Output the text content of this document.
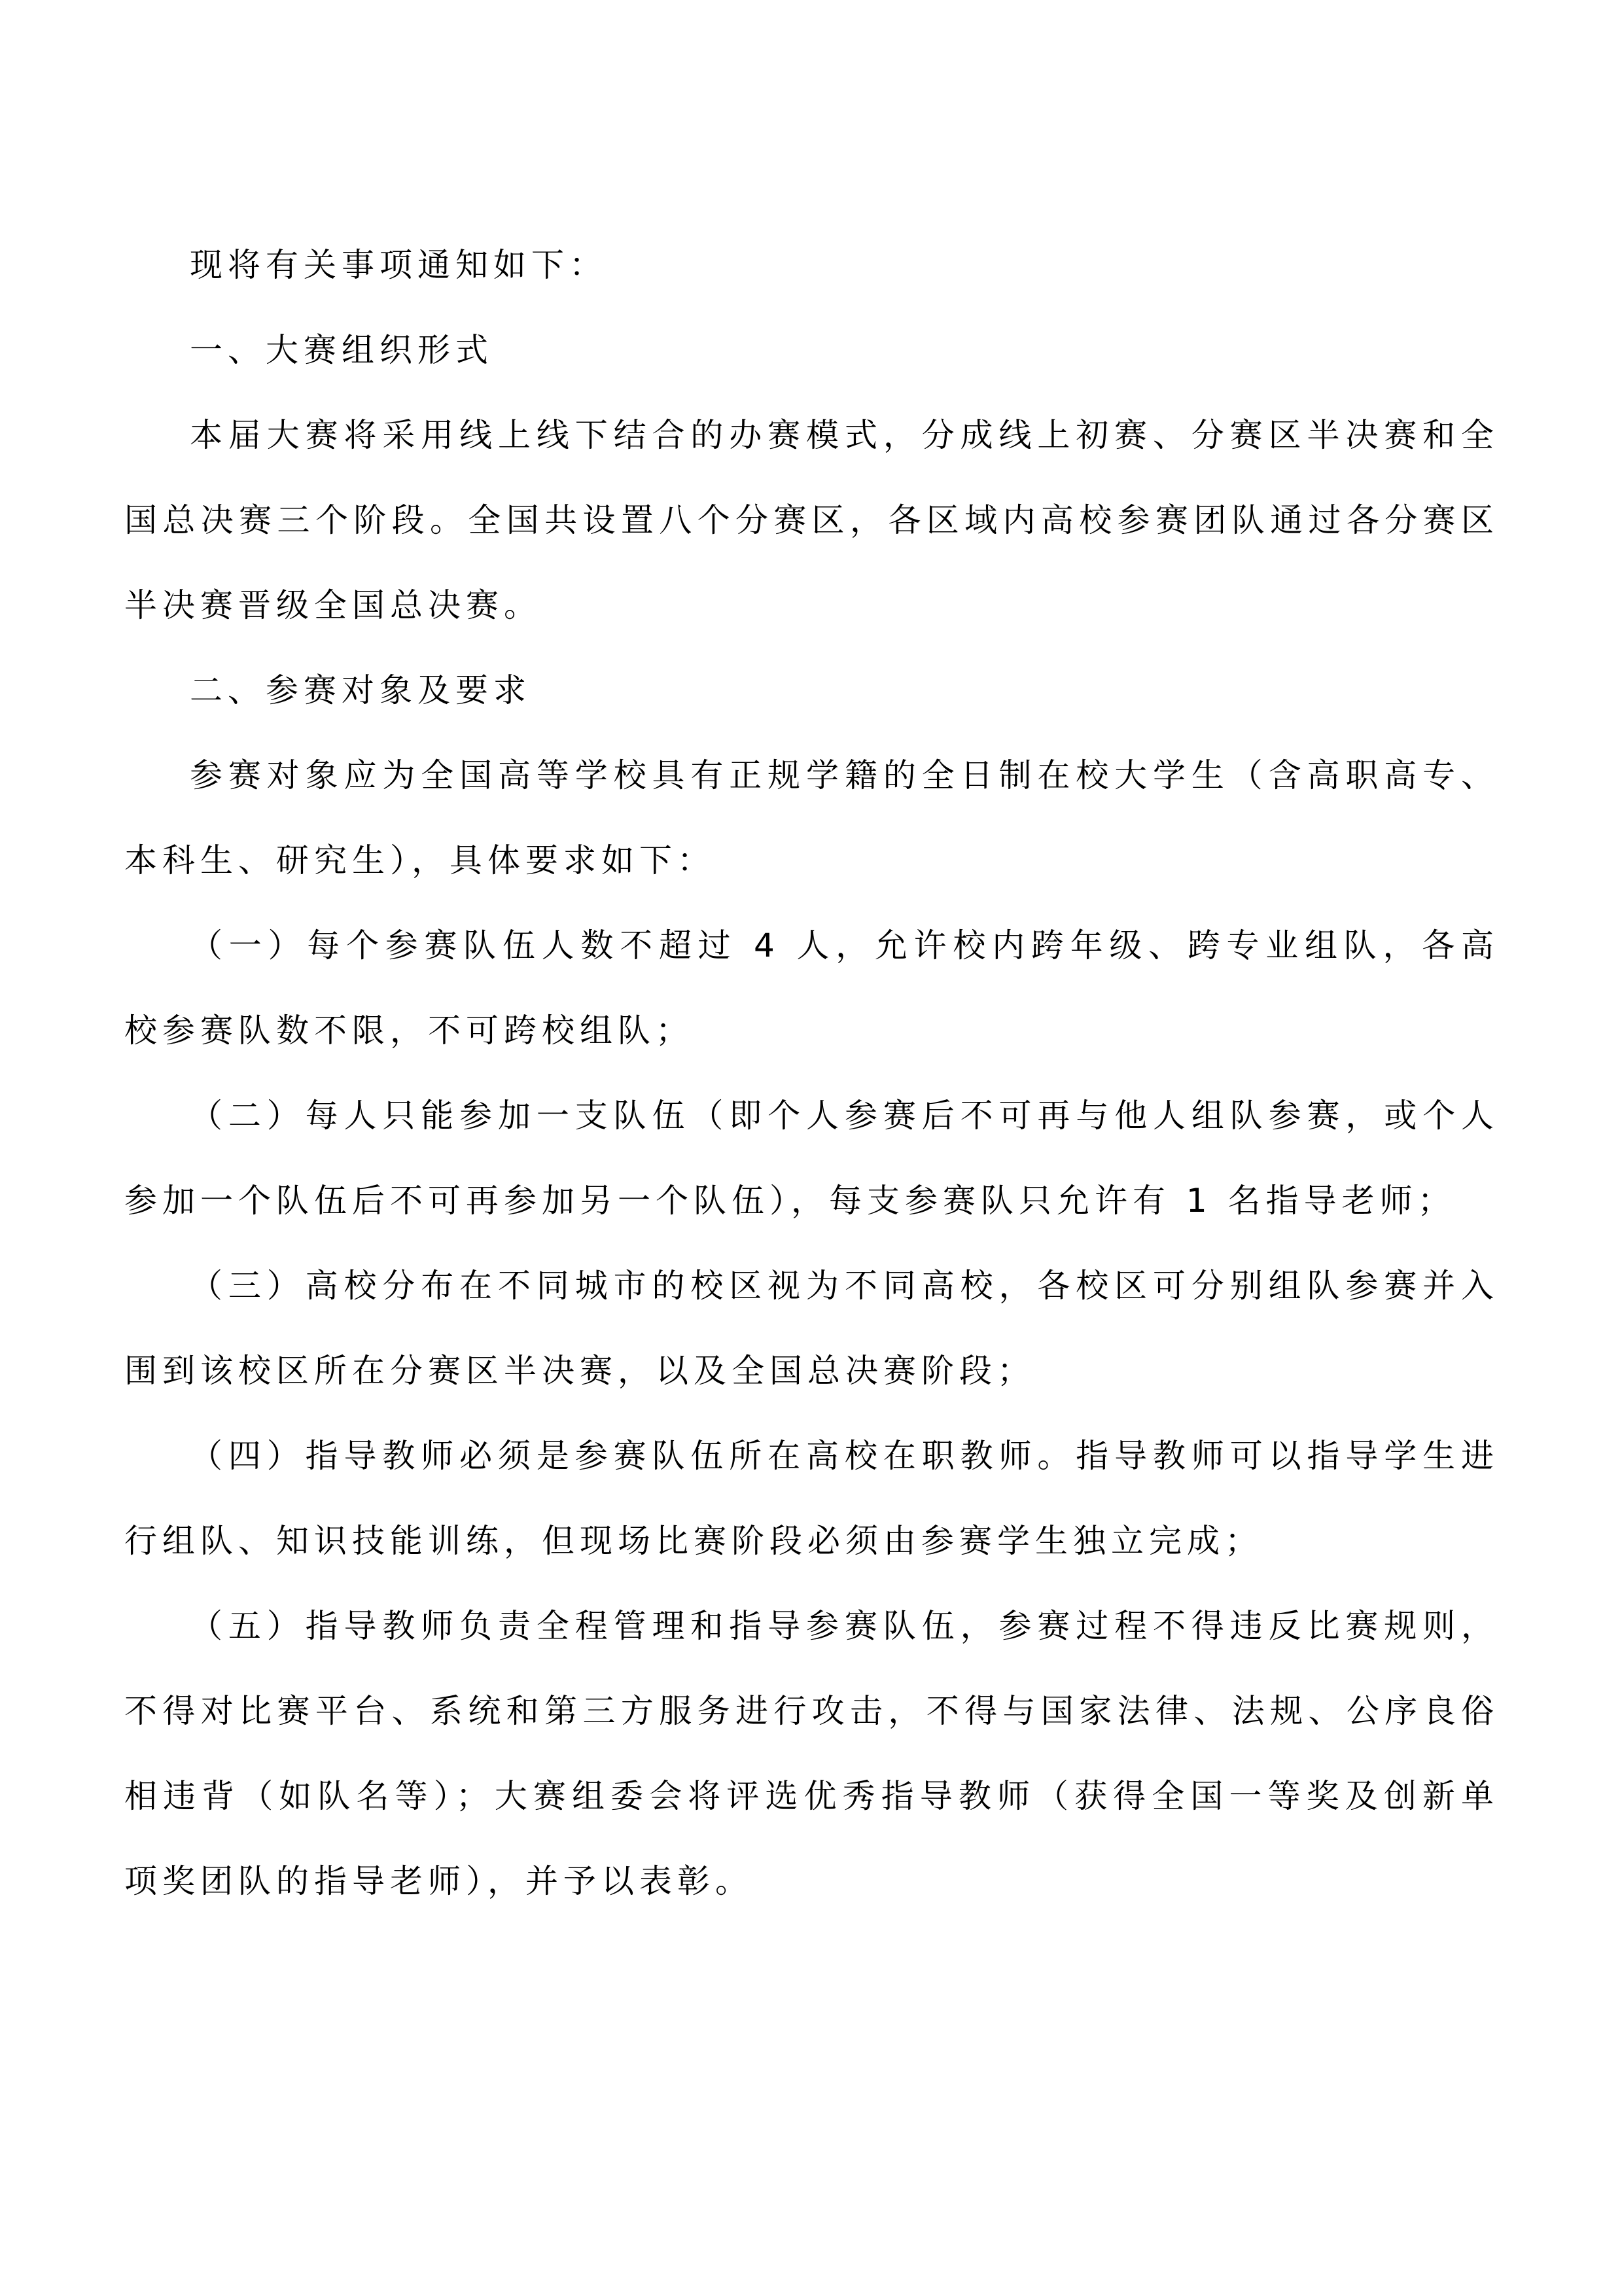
现将有关事项通知如下：

一、大赛组织形式

本届大赛将采用线上线下结合的办赛模式，分成线上初赛、分赛区半决赛和全国总决赛三个阶段。全国共设置八个分赛区，各区域内高校参赛团队通过各分赛区半决赛晋级全国总决赛。

二、参赛对象及要求

参赛对象应为全国高等学校具有正规学籍的全日制在校大学生（含高职高专、本科生、研究生），具体要求如下：

（一）每个参赛队伍人数不超过 4 人，允许校内跨年级、跨专业组队，各高校参赛队数不限，不可跨校组队；

（二）每人只能参加一支队伍（即个人参赛后不可再与他人组队参赛，或个人参加一个队伍后不可再参加另一个队伍），每支参赛队只允许有 1 名指导老师；

（三）高校分布在不同城市的校区视为不同高校，各校区可分别组队参赛并入围到该校区所在分赛区半决赛，以及全国总决赛阶段；

（四）指导教师必须是参赛队伍所在高校在职教师。指导教师可以指导学生进行组队、知识技能训练，但现场比赛阶段必须由参赛学生独立完成；

（五）指导教师负责全程管理和指导参赛队伍，参赛过程不得违反比赛规则，不得对比赛平台、系统和第三方服务进行攻击，不得与国家法律、法规、公序良俗相违背（如队名等）；大赛组委会将评选优秀指导教师（获得全国一等奖及创新单项奖团队的指导老师），并予以表彰。
